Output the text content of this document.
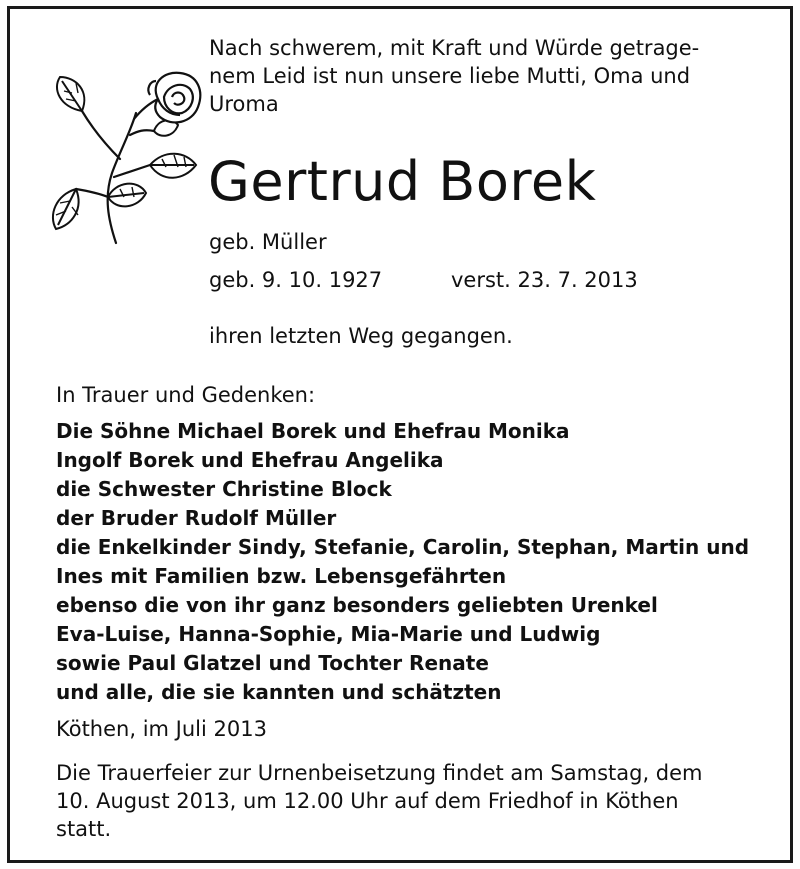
Nach schwerem, mit Kraft und Würde getrage-
nem Leid ist nun unsere liebe Mutti, Oma und
Uroma

Gertrud Borek
geb. Müller
geb. 9. 10. 1927	verst. 23. 7. 2013
ihren letzten Weg gegangen.
In Trauer und Gedenken:
Die Söhne Michael Borek und Ehefrau Monika
Ingolf Borek und Ehefrau Angelika
die Schwester Christine Block
der Bruder Rudolf Müller
die Enkelkinder Sindy, Stefanie, Carolin, Stephan, Martin und
Ines mit Familien bzw. Lebensgefährten
ebenso die von ihr ganz besonders geliebten Urenkel
Eva-Luise, Hanna-Sophie, Mia-Marie und Ludwig
sowie Paul Glatzel und Tochter Renate
und alle, die sie kannten und schätzten
Köthen, im Juli 2013

Die Trauerfeier zur Urnenbeisetzung findet am Samstag, dem
10. August 2013, um 12.00 Uhr auf dem Friedhof in Köthen
statt.
